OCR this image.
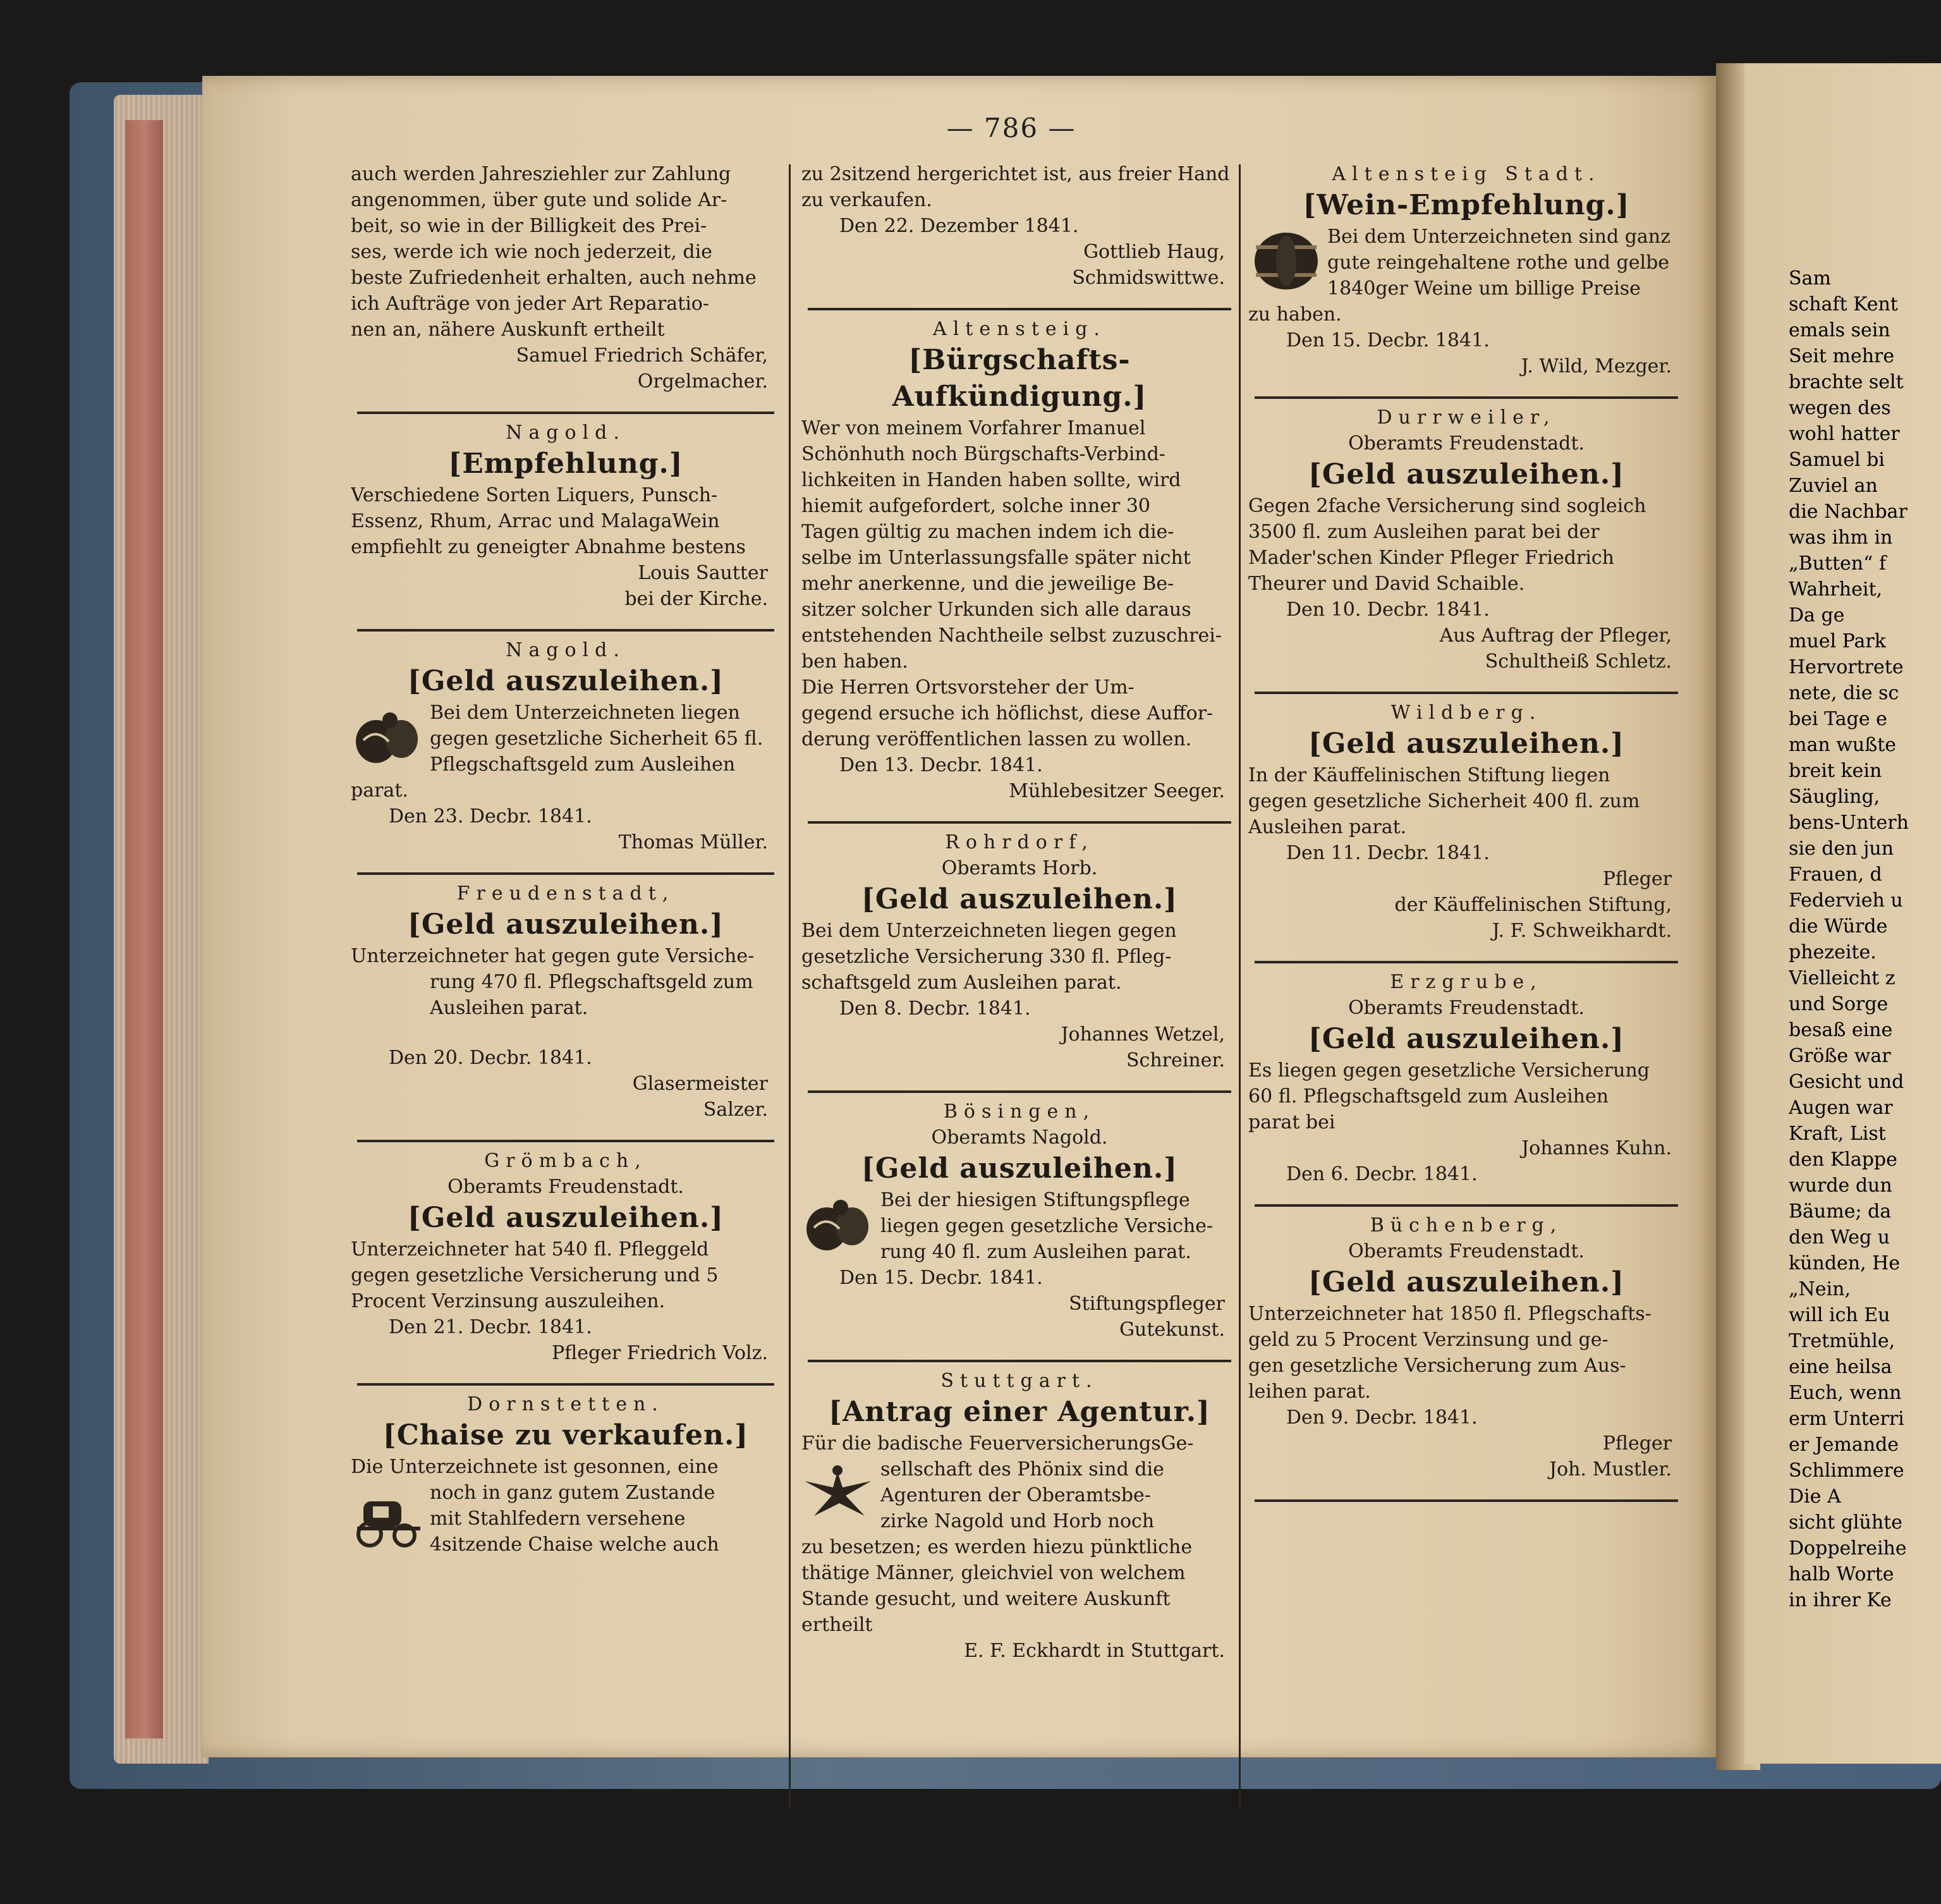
Sam
schaft Kent
emals sein
Seit mehre
brachte selt
wegen des
wohl hatter
Samuel bi
Zuviel an
die Nachbar
was ihm in
„Butten“ f
Wahrheit,
Da ge
muel Park
Hervortrete
nete, die sc
bei Tage e
man wußte
breit kein
Säugling,
bens-Unterh
sie den jun
Frauen, d
Federvieh u
die Würde
phezeite.
Vielleicht z
und Sorge
besaß eine
Größe war
Gesicht und
Augen war
Kraft, List
den Klappe
wurde dun
Bäume; da
den Weg u
künden, He
„Nein,
will ich Eu
Tretmühle,
eine heilsa
Euch, wenn
erm Unterri
er Jemande
Schlimmere
Die A
sicht glühte
Doppelreihe
halb Worte
in ihrer Ke
— 786 —
auch werden Jahresziehler zur Zahlung
angenommen, über gute und solide Ar-
beit, so wie in der Billigkeit des Prei-
ses, werde ich wie noch jederzeit, die
beste Zufriedenheit erhalten, auch nehme
ich Aufträge von jeder Art Reparatio-
nen an, nähere Auskunft ertheilt
Samuel Friedrich Schäfer,
Orgelmacher.
Nagold.
[Empfehlung.]
Verschiedene Sorten Liquers, Punsch-
Essenz, Rhum, Arrac und MalagaWein
empfiehlt zu geneigter Abnahme bestens
Louis Sautter
bei der Kirche.
Nagold.
[Geld auszuleihen.]
Bei dem Unterzeichneten liegen
gegen gesetzliche Sicherheit 65 fl.
Pflegschaftsgeld zum Ausleihen
parat.
Den 23. Decbr. 1841.
Thomas Müller.
Freudenstadt,
[Geld auszuleihen.]
Unterzeichneter hat gegen gute Versiche-
rung 470 fl. Pflegschaftsgeld zum
Ausleihen parat.
Den 20. Decbr. 1841.
Glasermeister
Salzer.
Grömbach,
Oberamts Freudenstadt.
[Geld auszuleihen.]
Unterzeichneter hat 540 fl. Pfleggeld
gegen gesetzliche Versicherung und 5
Procent Verzinsung auszuleihen.
Den 21. Decbr. 1841.
Pfleger Friedrich Volz.
Dornstetten.
[Chaise zu verkaufen.]
Die Unterzeichnete ist gesonnen, eine
noch in ganz gutem Zustande
mit Stahlfedern versehene
4sitzende Chaise welche auch
zu 2sitzend hergerichtet ist, aus freier Hand
zu verkaufen.
Den 22. Dezember 1841.
Gottlieb Haug,
Schmidswittwe.
Altensteig.
[Bürgschafts-Aufkündigung.]
Wer von meinem Vorfahrer Imanuel
Schönhuth noch Bürgschafts-Verbind-
lichkeiten in Handen haben sollte, wird
hiemit aufgefordert, solche inner 30
Tagen gültig zu machen indem ich die-
selbe im Unterlassungsfalle später nicht
mehr anerkenne, und die jeweilige Be-
sitzer solcher Urkunden sich alle daraus
entstehenden Nachtheile selbst zuzuschrei-
ben haben.
Die Herren Ortsvorsteher der Um-
gegend ersuche ich höflichst, diese Auffor-
derung veröffentlichen lassen zu wollen.
Den 13. Decbr. 1841.
Mühlebesitzer Seeger.
Rohrdorf,
Oberamts Horb.
[Geld auszuleihen.]
Bei dem Unterzeichneten liegen gegen
gesetzliche Versicherung 330 fl. Pfleg-
schaftsgeld zum Ausleihen parat.
Den 8. Decbr. 1841.
Johannes Wetzel,
Schreiner.
Bösingen,
Oberamts Nagold.
[Geld auszuleihen.]
Bei der hiesigen Stiftungspflege
liegen gegen gesetzliche Versiche-
rung 40 fl. zum Ausleihen parat.
Den 15. Decbr. 1841.
Stiftungspfleger
Gutekunst.
Stuttgart.
[Antrag einer Agentur.]
Für die badische FeuerversicherungsGe-
sellschaft des Phönix sind die
Agenturen der Oberamtsbe-
zirke Nagold und Horb noch
zu besetzen; es werden hiezu pünktliche
thätige Männer, gleichviel von welchem
Stande gesucht, und weitere Auskunft
ertheilt
E. F. Eckhardt in Stuttgart.
Altensteig Stadt.
[Wein-Empfehlung.]
Bei dem Unterzeichneten sind ganz
gute reingehaltene rothe und gelbe
1840ger Weine um billige Preise
zu haben.
Den 15. Decbr. 1841.
J. Wild, Mezger.
Durrweiler,
Oberamts Freudenstadt.
[Geld auszuleihen.]
Gegen 2fache Versicherung sind sogleich
3500 fl. zum Ausleihen parat bei der
Mader'schen Kinder Pfleger Friedrich
Theurer und David Schaible.
Den 10. Decbr. 1841.
Aus Auftrag der Pfleger,
Schultheiß Schletz.
Wildberg.
[Geld auszuleihen.]
In der Käuffelinischen Stiftung liegen
gegen gesetzliche Sicherheit 400 fl. zum
Ausleihen parat.
Den 11. Decbr. 1841.
Pfleger
der Käuffelinischen Stiftung,
J. F. Schweikhardt.
Erzgrube,
Oberamts Freudenstadt.
[Geld auszuleihen.]
Es liegen gegen gesetzliche Versicherung
60 fl. Pflegschaftsgeld zum Ausleihen
parat bei
Johannes Kuhn.
Den 6. Decbr. 1841.
Büchenberg,
Oberamts Freudenstadt.
[Geld auszuleihen.]
Unterzeichneter hat 1850 fl. Pflegschafts-
geld zu 5 Procent Verzinsung und ge-
gen gesetzliche Versicherung zum Aus-
leihen parat.
Den 9. Decbr. 1841.
Pfleger
Joh. Mustler.
